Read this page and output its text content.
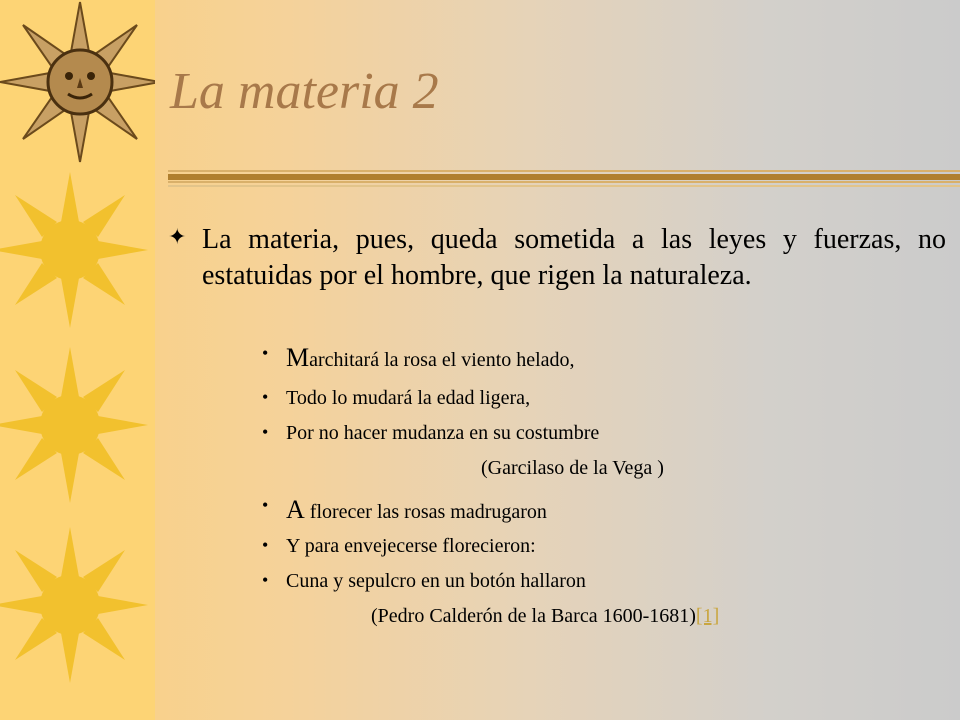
La materia 2
✦ La materia, pues, queda sometida a las leyes y fuerzas, no estatuidas por el hombre, que rigen la naturaleza.
• Marchitará la rosa el viento helado,
• Todo lo mudará la edad ligera,
• Por no hacer mudanza en su costumbre
(Garcilaso de la Vega )
• A florecer las rosas madrugaron
• Y para envejecerse florecieron:
• Cuna y sepulcro en un botón hallaron
(Pedro Calderón de la Barca 1600-1681)[1]
